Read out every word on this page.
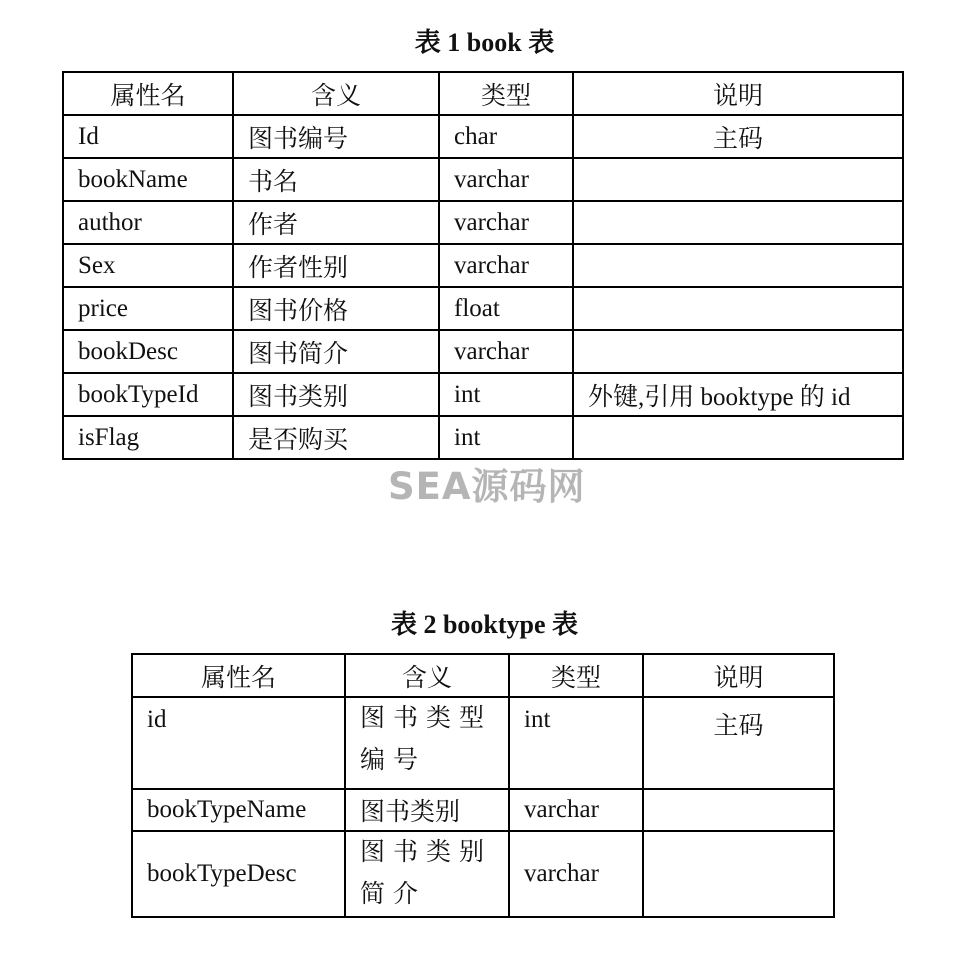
表 1 book 表
属性名	含义	类型	说明
Id	图书编号	char	主码
bookName	书名	varchar	
author	作者	varchar	
Sex	作者性别	varchar	
price	图书价格	float	
bookDesc	图书简介	varchar	
bookTypeId	图书类别	int	外键,引用 booktype 的 id
isFlag	是否购买	int	
SEA源码网
表 2 booktype 表
属性名	含义	类型	说明
id	图书类型编号	int	主码
bookTypeName	图书类别	varchar	
bookTypeDesc	图书类别简介	varchar	
